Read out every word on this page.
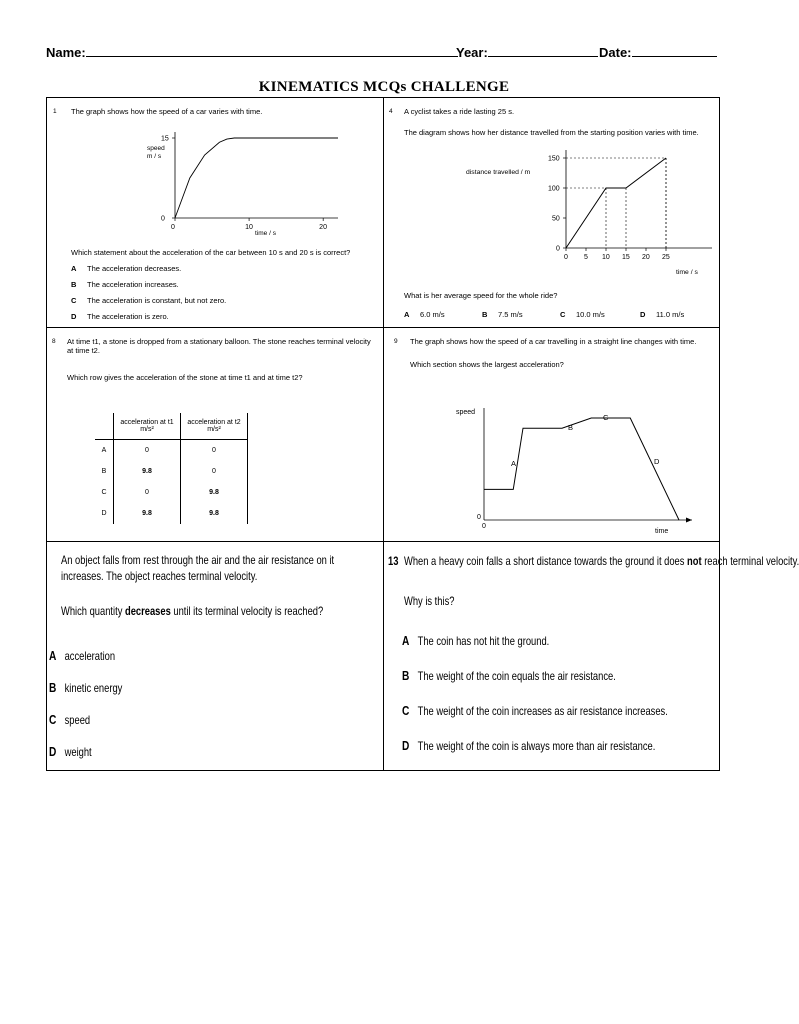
Name:	Year:	Date:
KINEMATICS MCQs CHALLENGE
1 The graph shows how the speed of a car varies with time.
0	10	20
0
15
speed
m / s
time / s
Which statement about the acceleration of the car between 10 s and 20 s is correct?
A The acceleration decreases.
B The acceleration increases.
C The acceleration is constant, but not zero.
D The acceleration is zero.
4 A cyclist takes a ride lasting 25 s.
The diagram shows how her distance travelled from the starting position varies with time.
0 5 10 15 20 25
0
50
100
150
distance travelled / m
time / s
What is her average speed for the whole ride?
A 6.0 m/s	B 7.5 m/s	C 10.0 m/s	D 11.0 m/s
8 At time t1, a stone is dropped from a stationary balloon. The stone reaches terminal velocity at time t2.
Which row gives the acceleration of the stone at time t1 and at time t2?
	acceleration at t1 m/s²	acceleration at t2 m/s²
A	0	0
B	9.8	0
C	0	9.8
D	9.8	9.8
9 The graph shows how the speed of a car travelling in a straight line changes with time.
Which section shows the largest acceleration?
speed
time
0
0
A
B
C
D
An object falls from rest through the air and the air resistance on it increases. The object reaches terminal velocity.
Which quantity decreases until its terminal velocity is reached?
A acceleration
B kinetic energy
C speed
D weight
13 When a heavy coin falls a short distance towards the ground it does not reach terminal velocity.
Why is this?
A The coin has not hit the ground.
B The weight of the coin equals the air resistance.
C The weight of the coin increases as air resistance increases.
D The weight of the coin is always more than air resistance.
